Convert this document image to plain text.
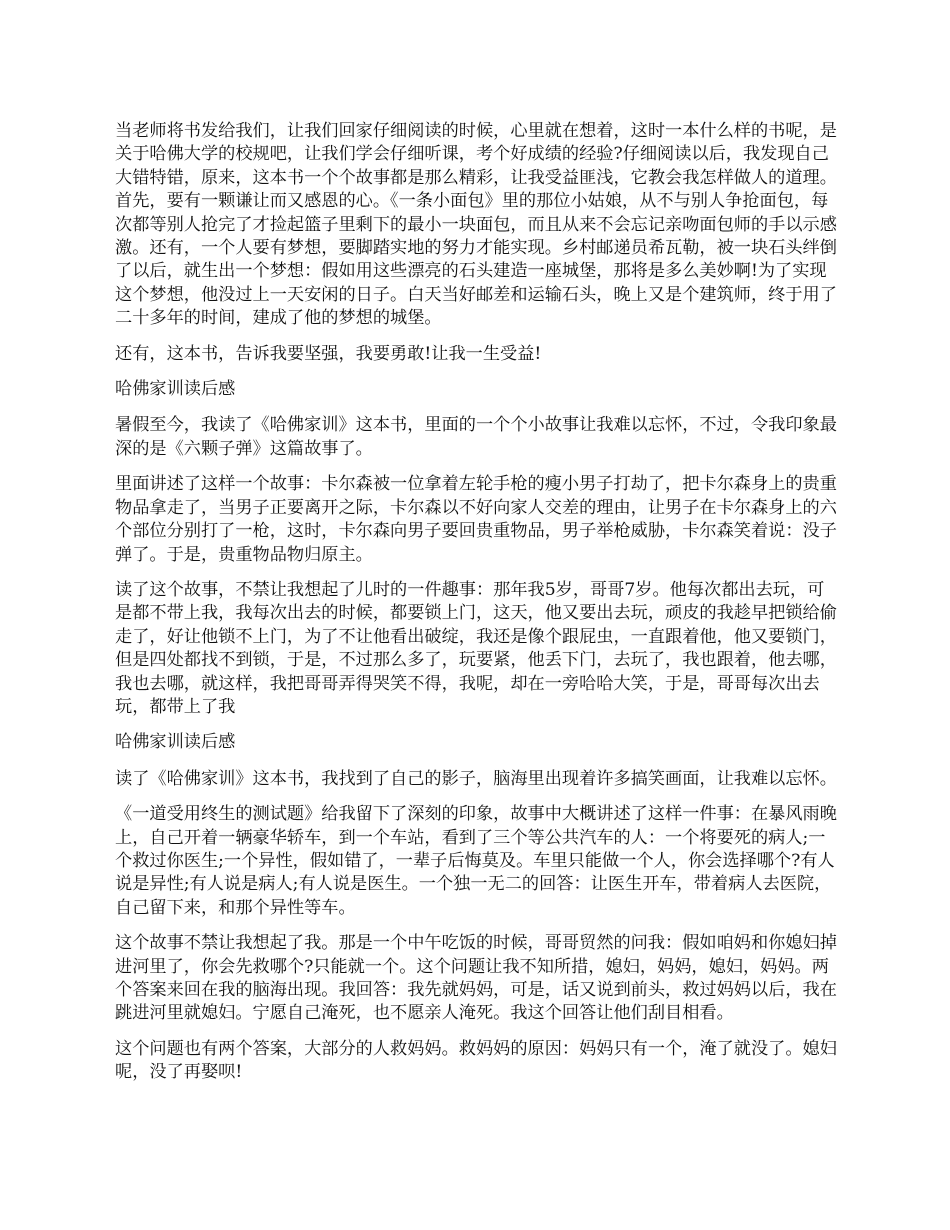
当老师将书发给我们，让我们回家仔细阅读的时候，心里就在想着，这时一本什么样的书呢，是关于哈佛大学的校规吧，让我们学会仔细听课，考个好成绩的经验?仔细阅读以后，我发现自己大错特错，原来，这本书一个个故事都是那么精彩，让我受益匪浅，它教会我怎样做人的道理。首先，要有一颗谦让而又感恩的心。《一条小面包》里的那位小姑娘，从不与别人争抢面包，每次都等别人抢完了才捡起篮子里剩下的最小一块面包，而且从来不会忘记亲吻面包师的手以示感激。还有，一个人要有梦想，要脚踏实地的努力才能实现。乡村邮递员希瓦勒，被一块石头绊倒了以后，就生出一个梦想：假如用这些漂亮的石头建造一座城堡，那将是多么美妙啊!为了实现这个梦想，他没过上一天安闲的日子。白天当好邮差和运输石头，晚上又是个建筑师，终于用了二十多年的时间，建成了他的梦想的城堡。

还有，这本书，告诉我要坚强，我要勇敢!让我一生受益!

哈佛家训读后感

暑假至今，我读了《哈佛家训》这本书，里面的一个个小故事让我难以忘怀，不过，令我印象最深的是《六颗子弹》这篇故事了。

里面讲述了这样一个故事：卡尔森被一位拿着左轮手枪的瘦小男子打劫了，把卡尔森身上的贵重物品拿走了，当男子正要离开之际，卡尔森以不好向家人交差的理由，让男子在卡尔森身上的六个部位分别打了一枪，这时，卡尔森向男子要回贵重物品，男子举枪威胁，卡尔森笑着说：没子弹了。于是，贵重物品物归原主。

读了这个故事，不禁让我想起了儿时的一件趣事：那年我5岁，哥哥7岁。他每次都出去玩，可是都不带上我，我每次出去的时候，都要锁上门，这天，他又要出去玩，顽皮的我趁早把锁给偷走了，好让他锁不上门，为了不让他看出破绽，我还是像个跟屁虫，一直跟着他，他又要锁门，但是四处都找不到锁，于是，不过那么多了，玩要紧，他丢下门，去玩了，我也跟着，他去哪，我也去哪，就这样，我把哥哥弄得哭笑不得，我呢，却在一旁哈哈大笑，于是，哥哥每次出去玩，都带上了我

哈佛家训读后感

读了《哈佛家训》这本书，我找到了自己的影子，脑海里出现着许多搞笑画面，让我难以忘怀。

《一道受用终生的测试题》给我留下了深刻的印象，故事中大概讲述了这样一件事：在暴风雨晚上，自己开着一辆豪华轿车，到一个车站，看到了三个等公共汽车的人：一个将要死的病人;一个救过你医生;一个异性，假如错了，一辈子后悔莫及。车里只能做一个人，你会选择哪个?有人说是异性;有人说是病人;有人说是医生。一个独一无二的回答：让医生开车，带着病人去医院，自己留下来，和那个异性等车。

这个故事不禁让我想起了我。那是一个中午吃饭的时候，哥哥贸然的问我：假如咱妈和你媳妇掉进河里了，你会先救哪个?只能就一个。这个问题让我不知所措，媳妇，妈妈，媳妇，妈妈。两个答案来回在我的脑海出现。我回答：我先就妈妈，可是，话又说到前头，救过妈妈以后，我在跳进河里就媳妇。宁愿自己淹死，也不愿亲人淹死。我这个回答让他们刮目相看。

这个问题也有两个答案，大部分的人救妈妈。救妈妈的原因：妈妈只有一个，淹了就没了。媳妇呢，没了再娶呗!
